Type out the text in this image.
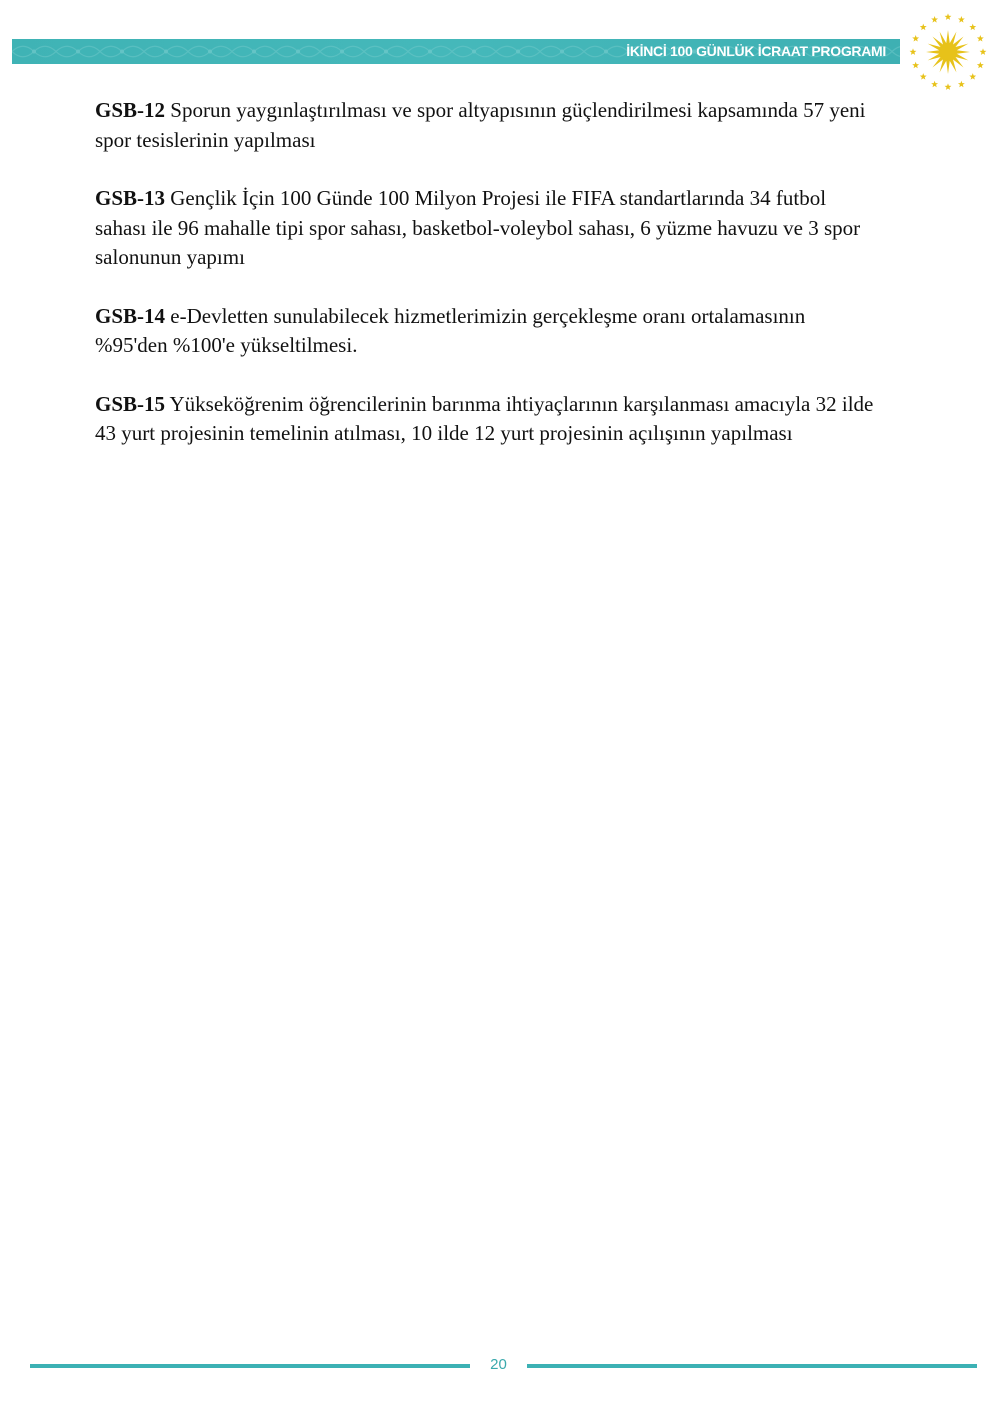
İKİNCİ 100 GÜNLÜK İCRAAT PROGRAMI

GSB-12 Sporun yaygınlaştırılması ve spor altyapısının güçlendirilmesi kapsamında 57 yeni spor tesislerinin yapılması

GSB-13 Gençlik İçin 100 Günde 100 Milyon Projesi ile FIFA standartlarında 34 futbol sahası ile 96 mahalle tipi spor sahası, basketbol-voleybol sahası, 6 yüzme havuzu ve 3 spor salonunun yapımı

GSB-14 e-Devletten sunulabilecek hizmetlerimizin gerçekleşme oranı ortalamasının %95'den %100'e yükseltilmesi.

GSB-15 Yükseköğrenim öğrencilerinin barınma ihtiyaçlarının karşılanması amacıyla 32 ilde 43 yurt projesinin temelinin atılması, 10 ilde 12 yurt projesinin açılışının yapılması

20
